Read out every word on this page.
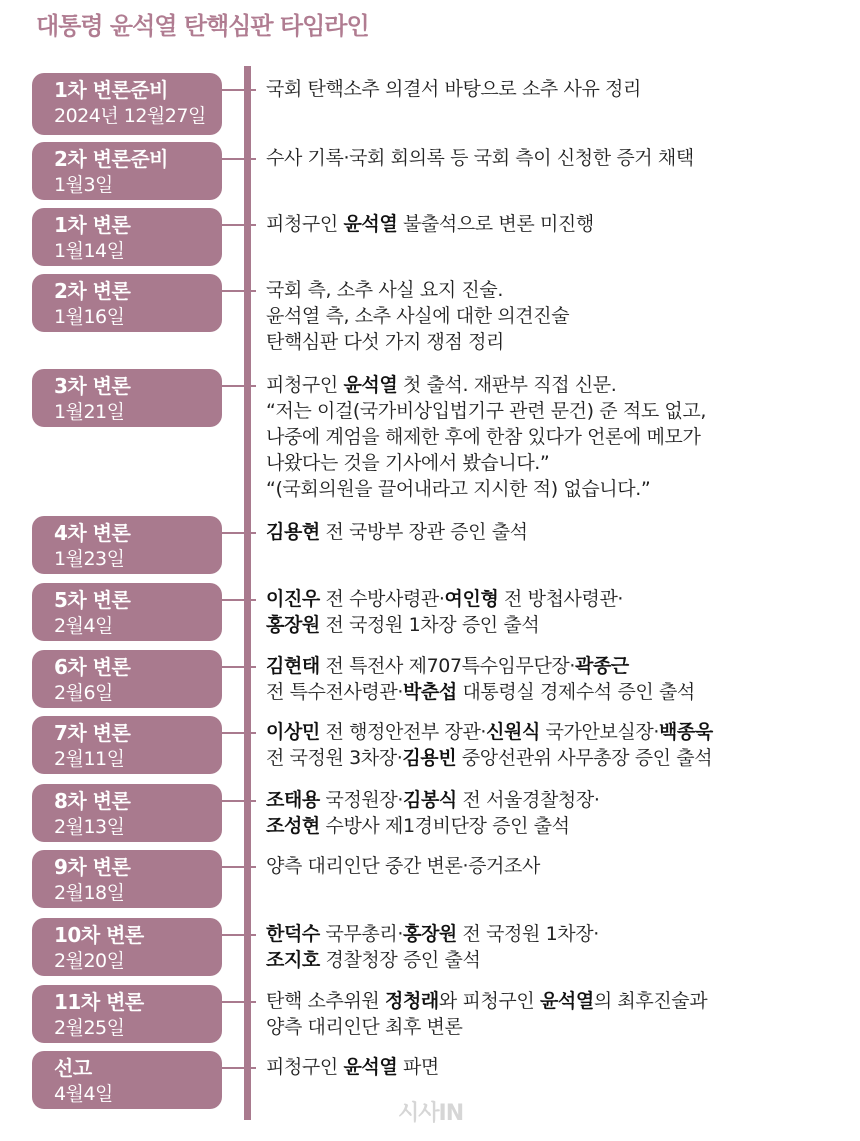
대통령 윤석열 탄핵심판 타임라인
1차 변론준비
2024년 12월27일
국회 탄핵소추 의결서 바탕으로 소추 사유 정리
2차 변론준비
1월3일
수사 기록·국회 회의록 등 국회 측이 신청한 증거 채택
1차 변론
1월14일
피청구인 윤석열 불출석으로 변론 미진행
2차 변론
1월16일
국회 측, 소추 사실 요지 진술.
윤석열 측, 소추 사실에 대한 의견진술
탄핵심판 다섯 가지 쟁점 정리
3차 변론
1월21일
피청구인 윤석열 첫 출석. 재판부 직접 신문.
“저는 이걸(국가비상입법기구 관련 문건) 준 적도 없고,
나중에 계엄을 해제한 후에 한참 있다가 언론에 메모가
나왔다는 것을 기사에서 봤습니다.”
“(국회의원을 끌어내라고 지시한 적) 없습니다.”
4차 변론
1월23일
김용현 전 국방부 장관 증인 출석
5차 변론
2월4일
이진우 전 수방사령관·여인형 전 방첩사령관·
홍장원 전 국정원 1차장 증인 출석
6차 변론
2월6일
김현태 전 특전사 제707특수임무단장·곽종근
전 특수전사령관·박춘섭 대통령실 경제수석 증인 출석
7차 변론
2월11일
이상민 전 행정안전부 장관·신원식 국가안보실장·백종욱
전 국정원 3차장·김용빈 중앙선관위 사무총장 증인 출석
8차 변론
2월13일
조태용 국정원장·김봉식 전 서울경찰청장·
조성현 수방사 제1경비단장 증인 출석
9차 변론
2월18일
양측 대리인단 중간 변론·증거조사
10차 변론
2월20일
한덕수 국무총리·홍장원 전 국정원 1차장·
조지호 경찰청장 증인 출석
11차 변론
2월25일
탄핵 소추위원 정청래와 피청구인 윤석열의 최후진술과
양측 대리인단 최후 변론
선고
4월4일
피청구인 윤석열 파면
시사IN
